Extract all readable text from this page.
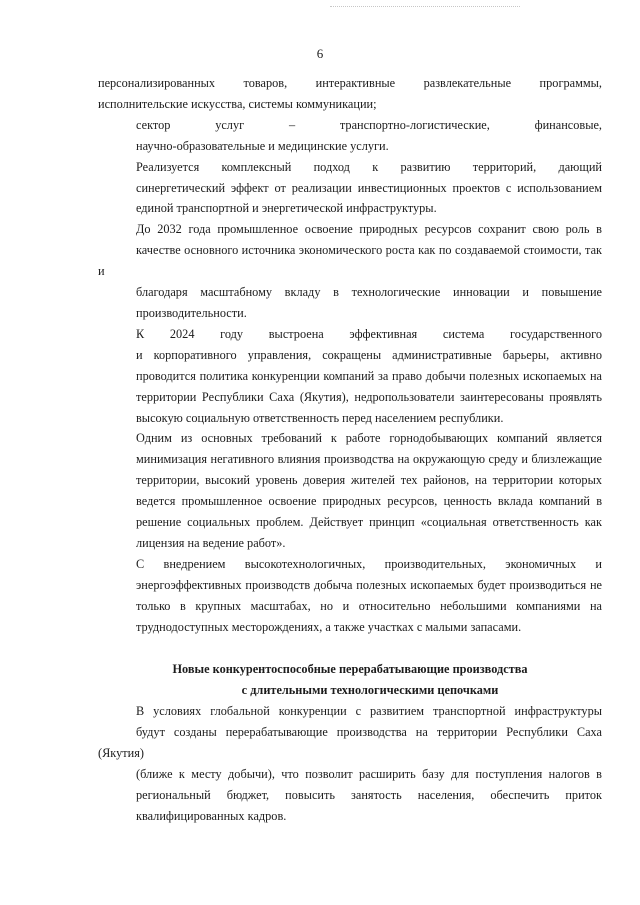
6

персонализированных товаров, интерактивные развлекательные программы,
исполнительские искусства, системы коммуникации;

сектор услуг – транспортно-логистические, финансовые,
научно-образовательные и медицинские услуги.

Реализуется комплексный подход к развитию территорий, дающий
синергетический эффект от реализации инвестиционных проектов с использованием
единой транспортной и энергетической инфраструктуры.

До 2032 года промышленное освоение природных ресурсов сохранит свою роль в
качестве основного источника экономического роста как по создаваемой стоимости, так и
благодаря масштабному вкладу в технологические инновации и повышение
производительности.

К 2024 году выстроена эффективная система государственного
и корпоративного управления, сокращены административные барьеры, активно
проводится политика конкуренции компаний за право добычи полезных ископаемых на
территории Республики Саха (Якутия), недропользователи заинтересованы проявлять
высокую социальную ответственность перед населением республики.

Одним из основных требований к работе горнодобывающих компаний является
минимизация негативного влияния производства на окружающую среду и близлежащие
территории, высокий уровень доверия жителей тех районов, на территории которых
ведется промышленное освоение природных ресурсов, ценность вклада компаний в
решение социальных проблем. Действует принцип «социальная ответственность как
лицензия на ведение работ».

С внедрением высокотехнологичных, производительных, экономичных и
энергоэффективных производств добыча полезных ископаемых будет производиться не
только в крупных масштабах, но и относительно небольшими компаниями на
труднодоступных месторождениях, а также участках с малыми запасами.

Новые конкурентоспособные перерабатывающие производства
с длительными технологическими цепочками

В условиях глобальной конкуренции с развитием транспортной инфраструктуры
будут созданы перерабатывающие производства на территории Республики Саха (Якутия)
(ближе к месту добычи), что позволит расширить базу для поступления налогов в
региональный бюджет, повысить занятость населения, обеспечить приток
квалифицированных кадров.
